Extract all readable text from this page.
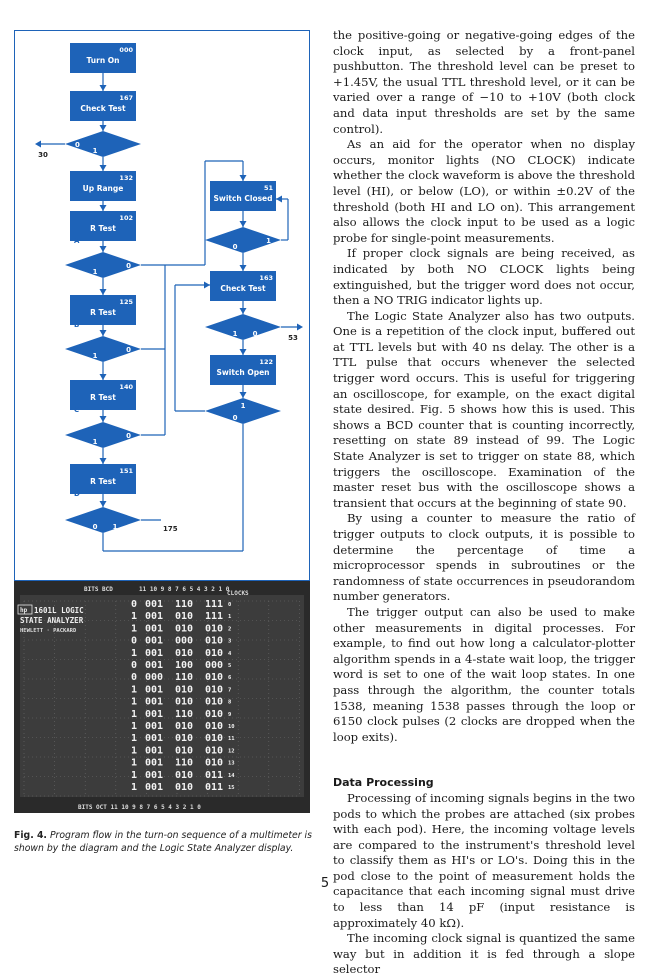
000
Turn On
167
Check Test
0
1
30
132
Up Range
102
R Test
A
1
0
125
R Test
B
1
0
140
R Test
C
1
0
151
R Test
D
0 1	175
51
Switch Closed
0
1
163
Check Test
1 0	53
122
Switch Open
1
0
BITS BCD	11 10 9 8 7 6 5 4 3 2 1 0
CLOCKS
BITS OCT 11 10 9 8 7 6 5 4 3 2 1 0
hp 1601L LOGIC
STATE ANALYZER
HEWLETT · PACKARD
0 001 110 111 0
1 001 010 111 1
1 001 010 010 2
0 001 000 010 3
1 001 010 010 4
0 001 100 000 5
0 000 110 010 6
1 001 010 010 7
1 001 010 010 8
1 001 110 010 9
1 001 010 010 10
1 001 010 010 11
1 001 010 010 12
1 001 110 010 13
1 001 010 011 14
1 001 010 011 15
Fig. 4. Program flow in the turn-on sequence of a multimeter is shown by the diagram and the Logic State Analyzer display.

the positive-going or negative-going edges of the clock input, as selected by a front-panel pushbutton. The threshold level can be preset to +1.45V, the usual TTL threshold level, or it can be varied over a range of −10 to +10V (both clock and data input thresholds are set by the same control).

As an aid for the operator when no display occurs, monitor lights (NO CLOCK) indicate whether the clock waveform is above the threshold level (HI), or below (LO), or within ±0.2V of the threshold (both HI and LO on). This arrangement also allows the clock input to be used as a logic probe for single-point measurements.

If proper clock signals are being received, as indicated by both NO CLOCK lights being extinguished, but the trigger word does not occur, then a NO TRIG indicator lights up.

The Logic State Analyzer also has two outputs. One is a repetition of the clock input, buffered out at TTL levels but with 40 ns delay. The other is a TTL pulse that occurs whenever the selected trigger word occurs. This is useful for triggering an oscilloscope, for example, on the exact digital state desired. Fig. 5 shows how this is used. This shows a BCD counter that is counting incorrectly, resetting on state 89 instead of 99. The Logic State Analyzer is set to trigger on state 88, which triggers the oscilloscope. Examination of the master reset bus with the oscilloscope shows a transient that occurs at the beginning of state 90.

By using a counter to measure the ratio of trigger outputs to clock outputs, it is possible to determine the percentage of time a microprocessor spends in subroutines or the randomness of state occurrences in pseudorandom number generators.

The trigger output can also be used to make other measurements in digital processes. For example, to find out how long a calculator-plotter algorithm spends in a 4-state wait loop, the trigger word is set to one of the wait loop states. In one pass through the algorithm, the counter totals 1538, meaning 1538 passes through the loop or 6150 clock pulses (2 clocks are dropped when the loop exits).

Data Processing

Processing of incoming signals begins in the two pods to which the probes are attached (six probes with each pod). Here, the incoming voltage levels are compared to the instrument's threshold level to classify them as HI's or LO's. Doing this in the pod close to the point of measurement holds the capacitance that each incoming signal must drive to less than 14 pF (input resistance is approximately 40 kΩ).

The incoming clock signal is quantized the same way but in addition it is fed through a slope selector

5
